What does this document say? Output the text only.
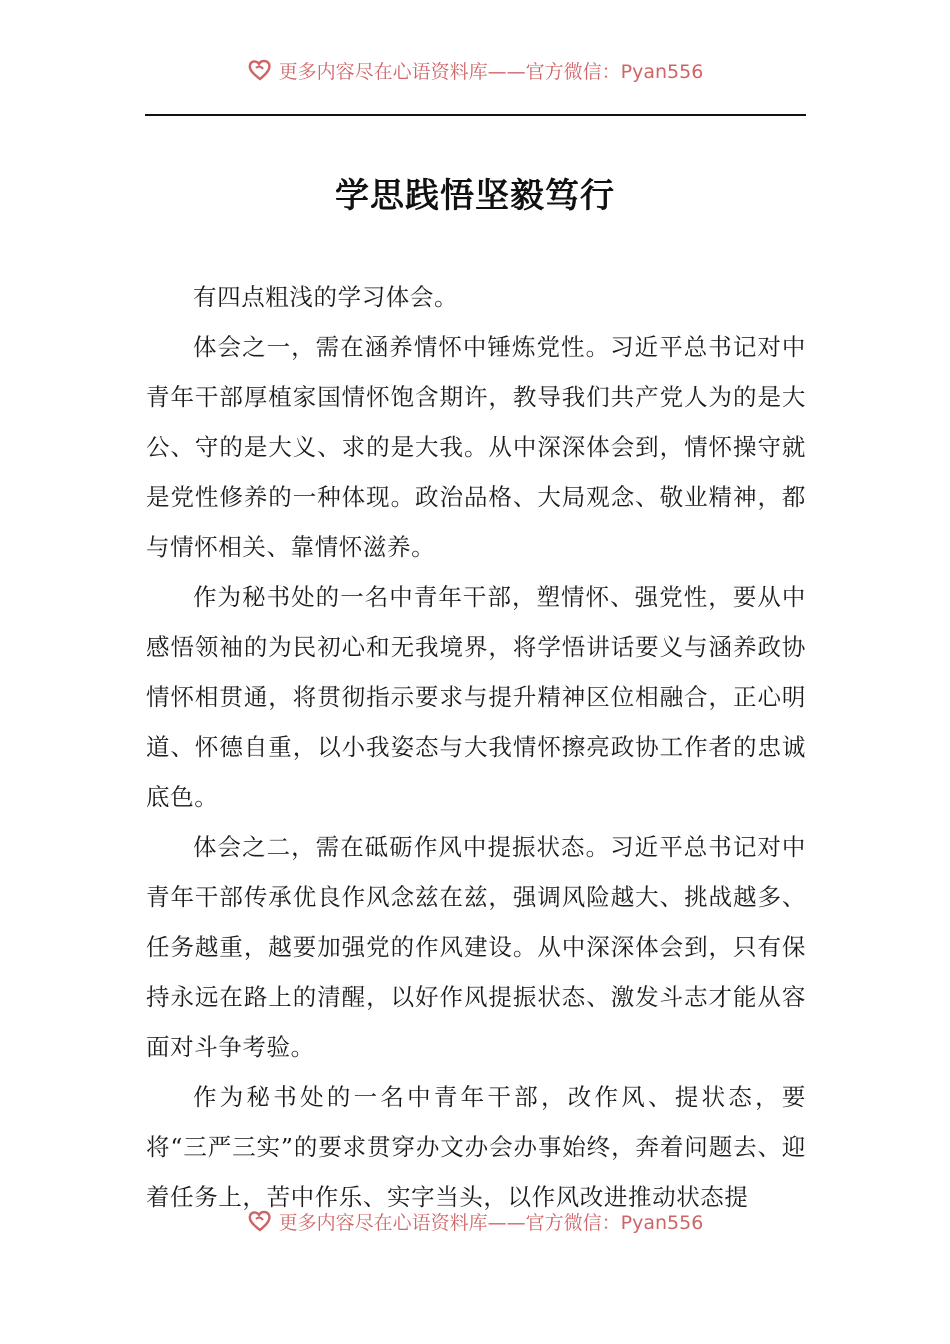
更多内容尽在心语资料库——官方微信：Pyan556
学思践悟坚毅笃行

有四点粗浅的学习体会。

体会之一，需在涵养情怀中锤炼党性。习近平总书记对中青年干部厚植家国情怀饱含期许，教导我们共产党人为的是大公、守的是大义、求的是大我。从中深深体会到，情怀操守就是党性修养的一种体现。政治品格、大局观念、敬业精神，都与情怀相关、靠情怀滋养。

作为秘书处的一名中青年干部，塑情怀、强党性，要从中感悟领袖的为民初心和无我境界，将学悟讲话要义与涵养政协情怀相贯通，将贯彻指示要求与提升精神区位相融合，正心明道、怀德自重，以小我姿态与大我情怀擦亮政协工作者的忠诚底色。

体会之二，需在砥砺作风中提振状态。习近平总书记对中青年干部传承优良作风念兹在兹，强调风险越大、挑战越多、任务越重，越要加强党的作风建设。从中深深体会到，只有保持永远在路上的清醒，以好作风提振状态、激发斗志才能从容面对斗争考验。

作为秘书处的一名中青年干部，改作风、提状态，要将“三严三实”的要求贯穿办文办会办事始终，奔着问题去、迎着任务上，苦中作乐、实字当头，以作风改进推动状态提

更多内容尽在心语资料库——官方微信：Pyan556
